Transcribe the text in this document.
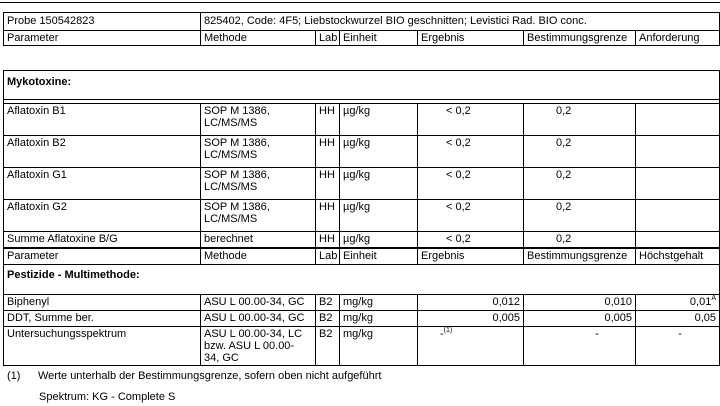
Probe 150542823	825402, Code: 4F5; Liebstockwurzel BIO geschnitten; Levistici Rad. BIO conc.					
Parameter	Methode	Lab	Einheit	Ergebnis	Bestimmungsgrenze	Anforderung
Mykotoxine:						

Aflatoxin B1	SOP M 1386, LC/MS/MS	HH	µg/kg	< 0,2	0,2	
Aflatoxin B2	SOP M 1386, LC/MS/MS	HH	µg/kg	< 0,2	0,2	
Aflatoxin G1	SOP M 1386, LC/MS/MS	HH	µg/kg	< 0,2	0,2	
Aflatoxin G2	SOP M 1386, LC/MS/MS	HH	µg/kg	< 0,2	0,2	
Summe Aflatoxine B/G	berechnet	HH	µg/kg	< 0,2	0,2	
Parameter	Methode	Lab	Einheit	Ergebnis	Bestimmungsgrenze	Höchstgehalt
Pestizide - Multimethode:						
Biphenyl	ASU L 00.00-34, GC	B2	mg/kg	0,012	0,010	$0,01^A$
DDT, Summe ber.	ASU L 00.00-34, GC	B2	mg/kg	0,005	0,005	0,05
Untersuchungsspektrum	ASU L 00.00-34, LC bzw. ASU L 00.00-34, GC	B2	mg/kg	-$^{(1)}$	-	-
(1) Werte unterhalb der Bestimmungsgrenze, sofern oben nicht aufgeführt
Spektrum: KG - Complete S
